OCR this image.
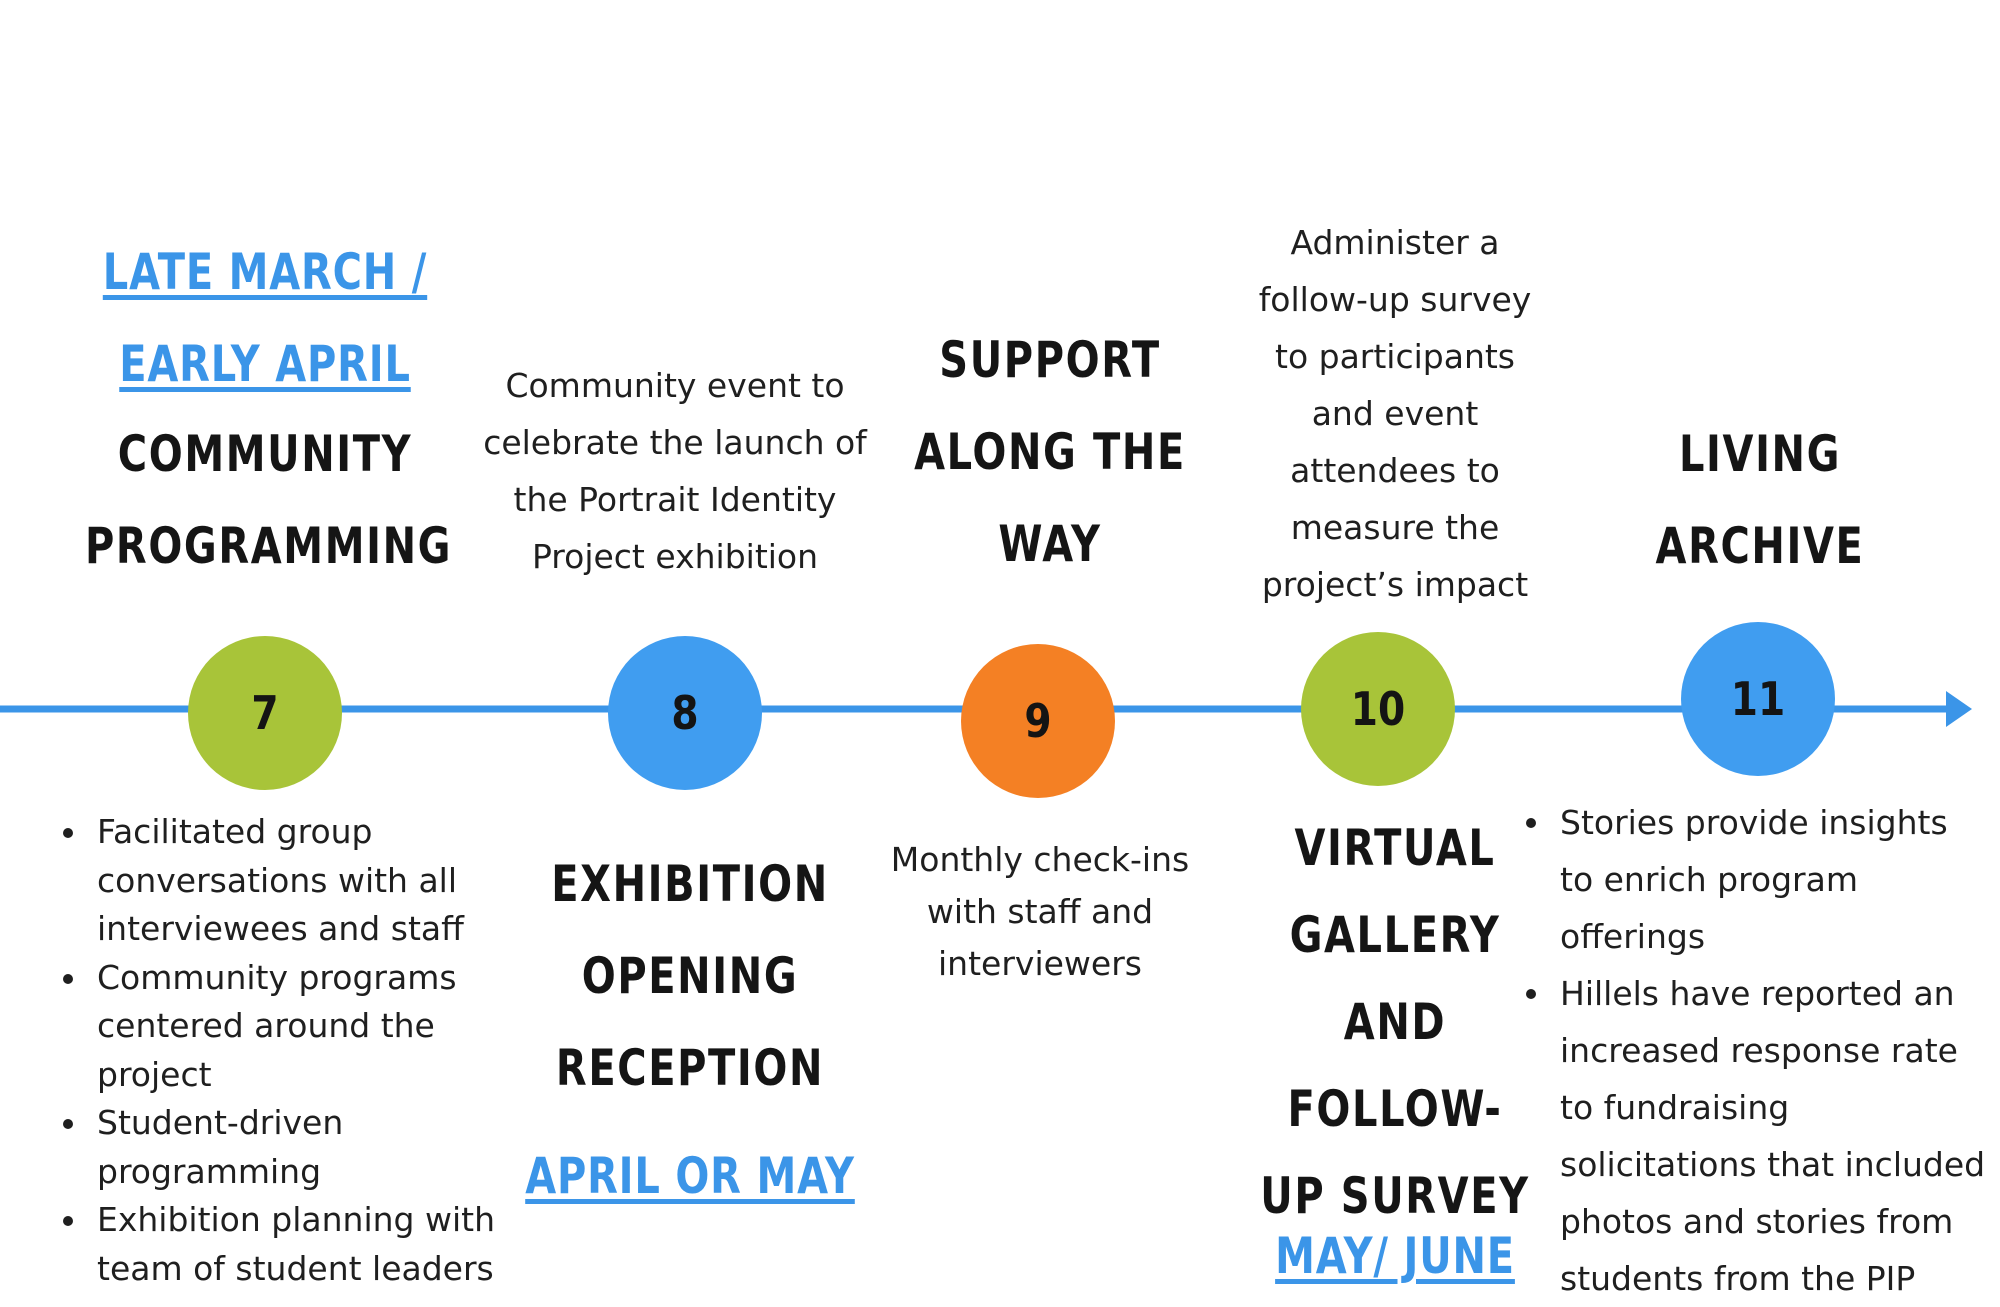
7	8	9	10	11
LATE MARCH /
EARLY APRIL
COMMUNITY
PROGRAMMING
Facilitated group
conversations with all
interviewees and staff
Community programs
centered around the
project
Student-driven
programming
Exhibition planning with
team of student leaders
Community event to
celebrate the launch of
the Portrait Identity
Project exhibition
EXHIBITION
OPENING
RECEPTION
APRIL OR MAY
SUPPORT
ALONG THE
WAY
Monthly check-ins
with staff and
interviewers
Administer a
follow-up survey
to participants
and event
attendees to
measure the
project’s impact
VIRTUAL
GALLERY
AND
FOLLOW-
UP SURVEY
MAY/ JUNE
LIVING
ARCHIVE
Stories provide insights
to enrich program
offerings
Hillels have reported an
increased response rate
to fundraising
solicitations that included
photos and stories from
students from the PIP
